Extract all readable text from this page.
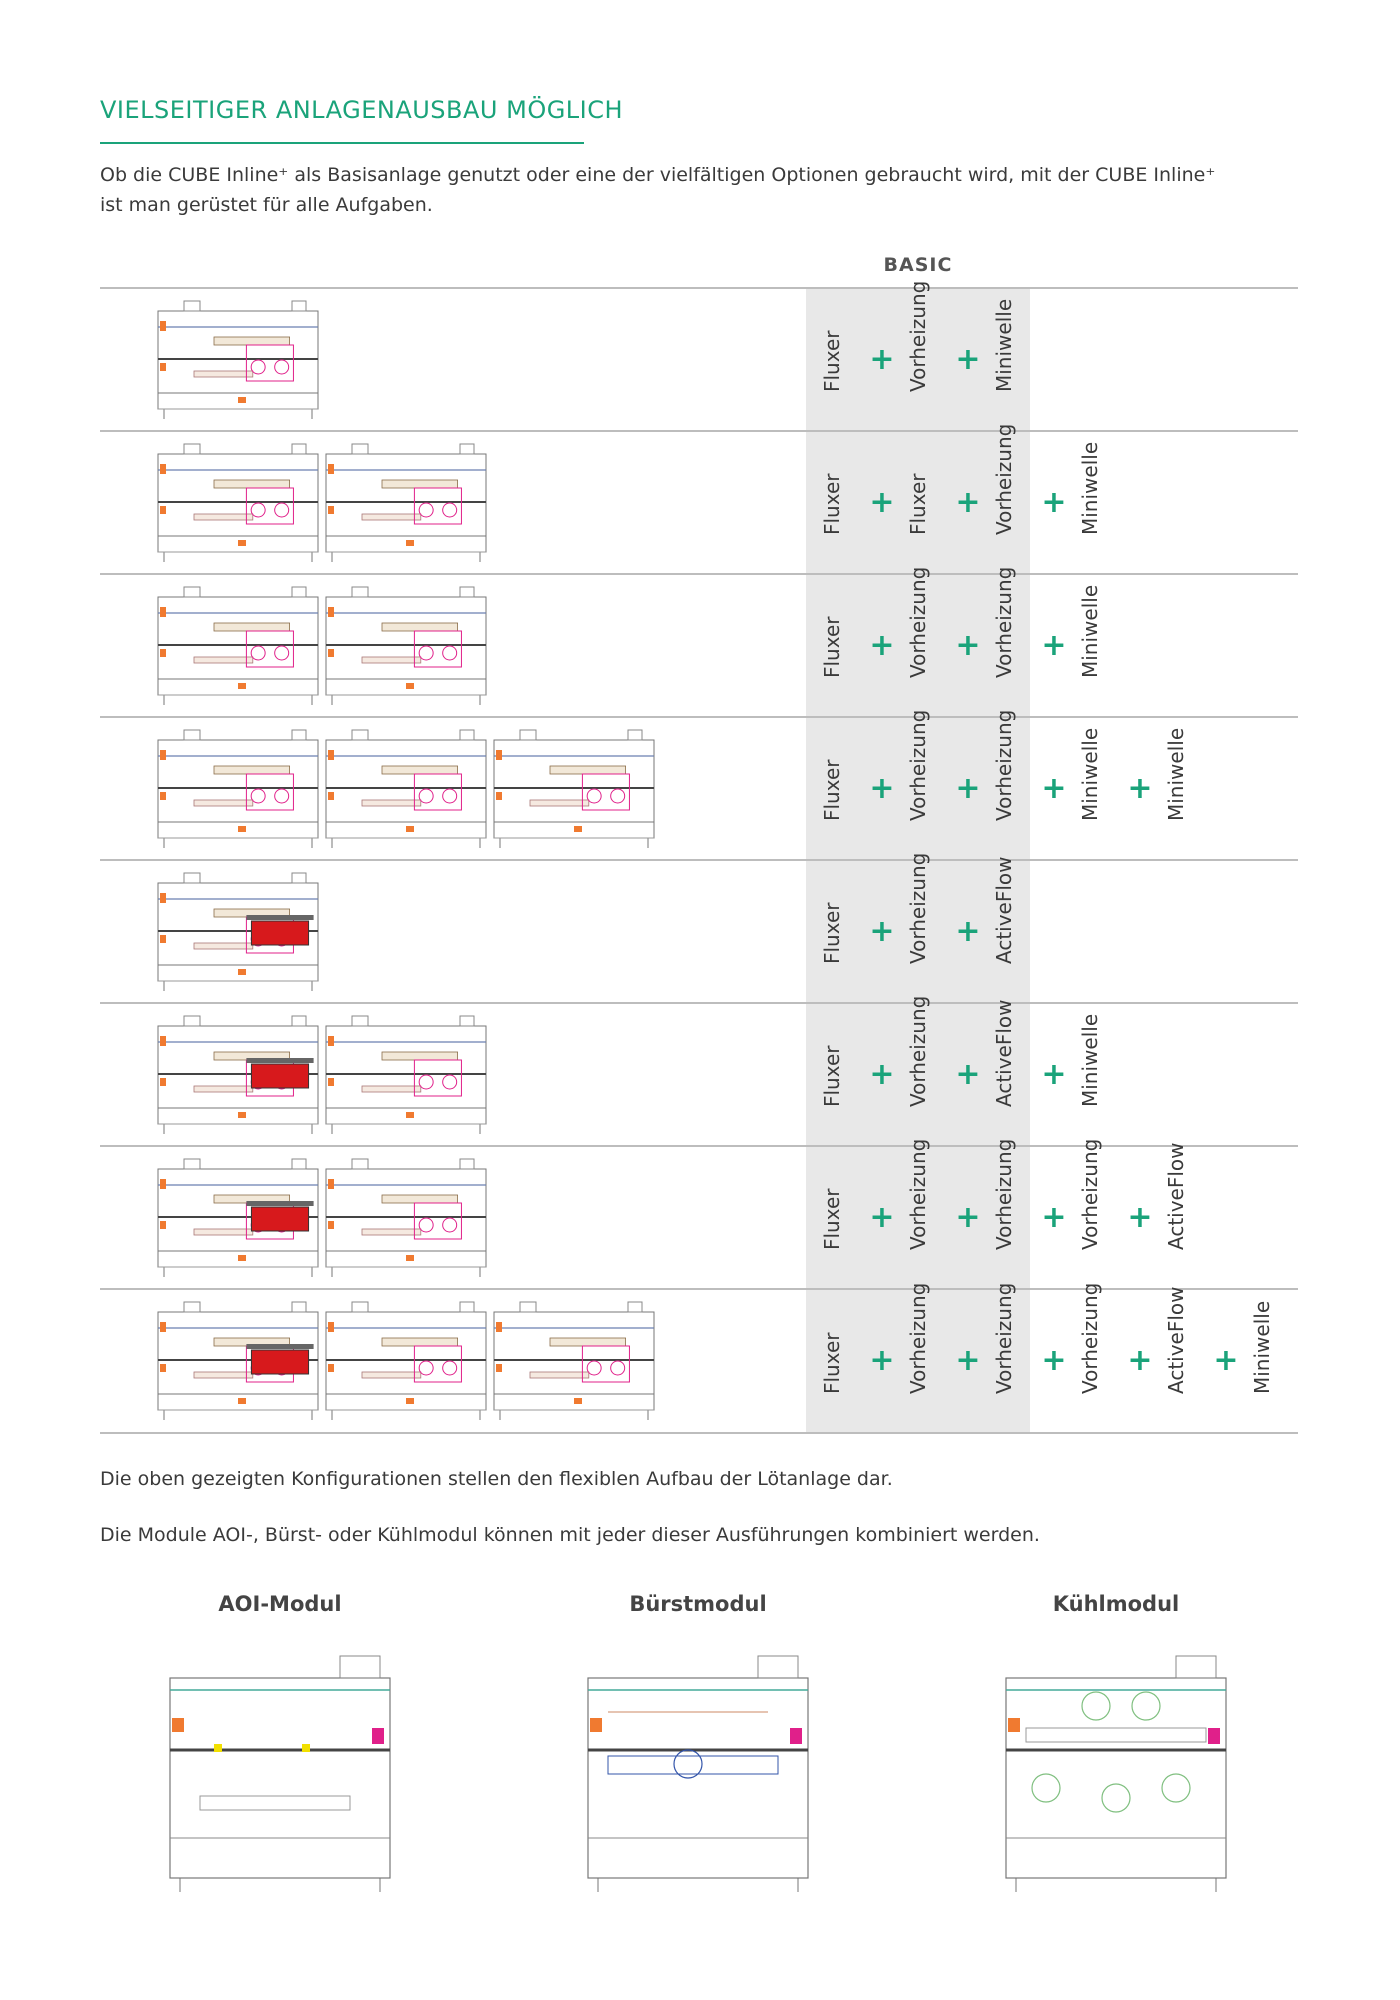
VIELSEITIGER ANLAGENAUSBAU MÖGLICH
Ob die CUBE Inline⁺ als Basisanlage genutzt oder eine der vielfältigen Optionen gebraucht wird, mit der CUBE Inline⁺
ist man gerüstet für alle Aufgaben.
BASIC
Fluxer + Vorheizung + Miniwelle
Fluxer + Fluxer + Vorheizung + Miniwelle
Fluxer + Vorheizung + Vorheizung + Miniwelle
Fluxer + Vorheizung + Vorheizung + Miniwelle + Miniwelle
Fluxer + Vorheizung + ActiveFlow
Fluxer + Vorheizung + ActiveFlow + Miniwelle
Fluxer + Vorheizung + Vorheizung + Vorheizung + ActiveFlow
Fluxer + Vorheizung + Vorheizung + Vorheizung + ActiveFlow + Miniwelle
Die oben gezeigten Konfigurationen stellen den flexiblen Aufbau der Lötanlage dar.
Die Module AOI-, Bürst- oder Kühlmodul können mit jeder dieser Ausführungen kombiniert werden.
AOI-Modul	Bürstmodul	Kühlmodul
